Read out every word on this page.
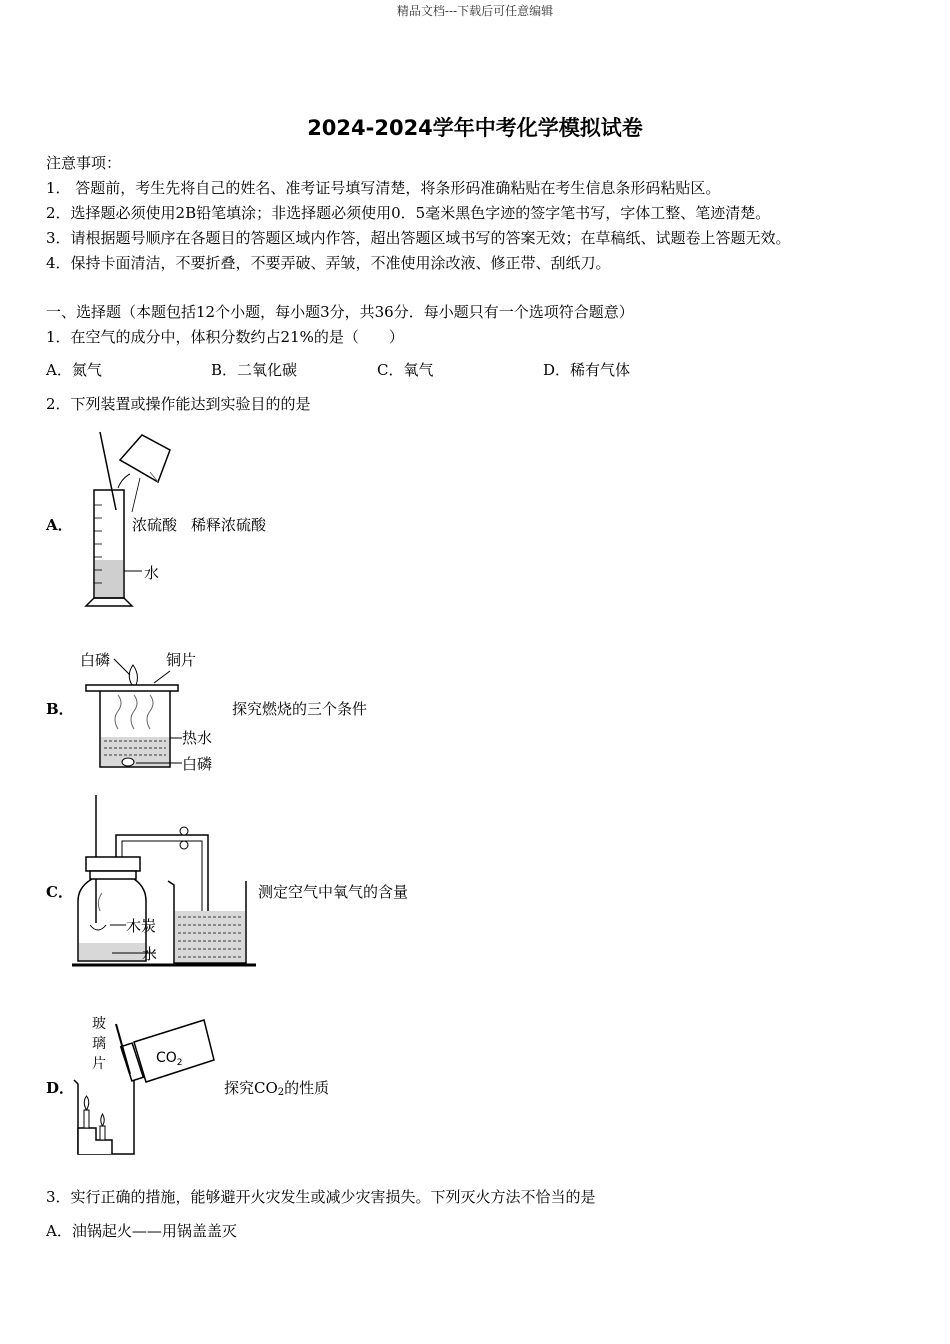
精品文档---下载后可任意编辑
2024-2024学年中考化学模拟试卷
注意事项：
1． 答题前，考生先将自己的姓名、准考证号填写清楚，将条形码准确粘贴在考生信息条形码粘贴区。
2．选择题必须使用2B铅笔填涂；非选择题必须使用0．5毫米黑色字迹的签字笔书写，字体工整、笔迹清楚。
3．请根据题号顺序在各题目的答题区域内作答，超出答题区域书写的答案无效；在草稿纸、试题卷上答题无效。
4．保持卡面清洁，不要折叠，不要弄破、弄皱，不准使用涂改液、修正带、刮纸刀。
一、选择题（本题包括12个小题，每小题3分，共36分．每小题只有一个选项符合题意）
1．在空气的成分中，体积分数约占21%的是（　　）
A．氮气	B．二氧化碳	C．氧气	D．稀有气体
2．下列装置或操作能达到实验目的的是
A．	浓硫酸
水
稀释浓硫酸
B．
白磷	铜片
热水
白磷
探究燃烧的三个条件
C．
木炭
水
测定空气中氧气的含量
D．
玻
璃
片	$CO_2$
探究$CO_2$的性质
3．实行正确的措施，能够避开火灾发生或减少灾害损失。下列灭火方法不恰当的是
A．油锅起火——用锅盖盖灭
